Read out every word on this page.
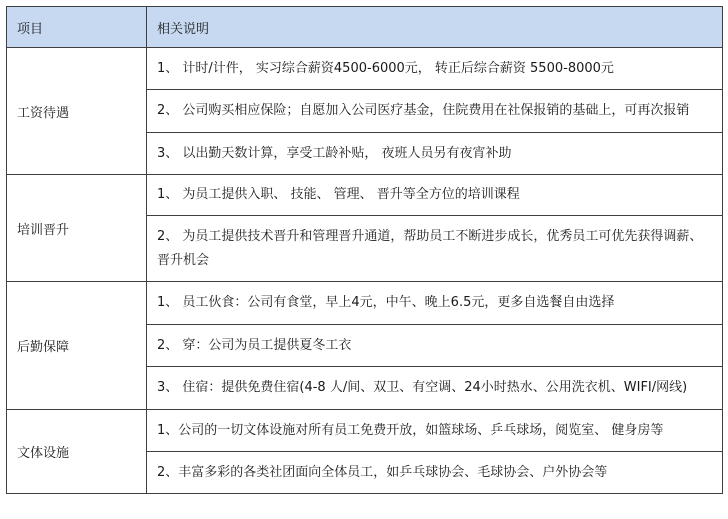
项目	相关说明
工资待遇	1、 计时/计件， 实习综合薪资4500-6000元， 转正后综合薪资 5500-8000元
	2、 公司购买相应保险；自愿加入公司医疗基金，住院费用在社保报销的基础上，可再次报销
	3、 以出勤天数计算，享受工龄补贴， 夜班人员另有夜宵补助
培训晋升	1、 为员工提供入职、 技能、 管理、 晋升等全方位的培训课程
	2、 为员工提供技术晋升和管理晋升通道，帮助员工不断进步成长，优秀员工可优先获得调薪、晋升机会
后勤保障	1、 员工伙食：公司有食堂，早上4元，中午、晚上6.5元，更多自选餐自由选择
	2、 穿：公司为员工提供夏冬工衣
	3、 住宿：提供免费住宿(4-8 人/间、双卫、有空调、24小时热水、公用洗衣机、WIFI/网线)
文体设施	1、公司的一切文体设施对所有员工免费开放，如篮球场、乒乓球场，阅览室、 健身房等
	2、丰富多彩的各类社团面向全体员工，如乒乓球协会、毛球协会、户外协会等
